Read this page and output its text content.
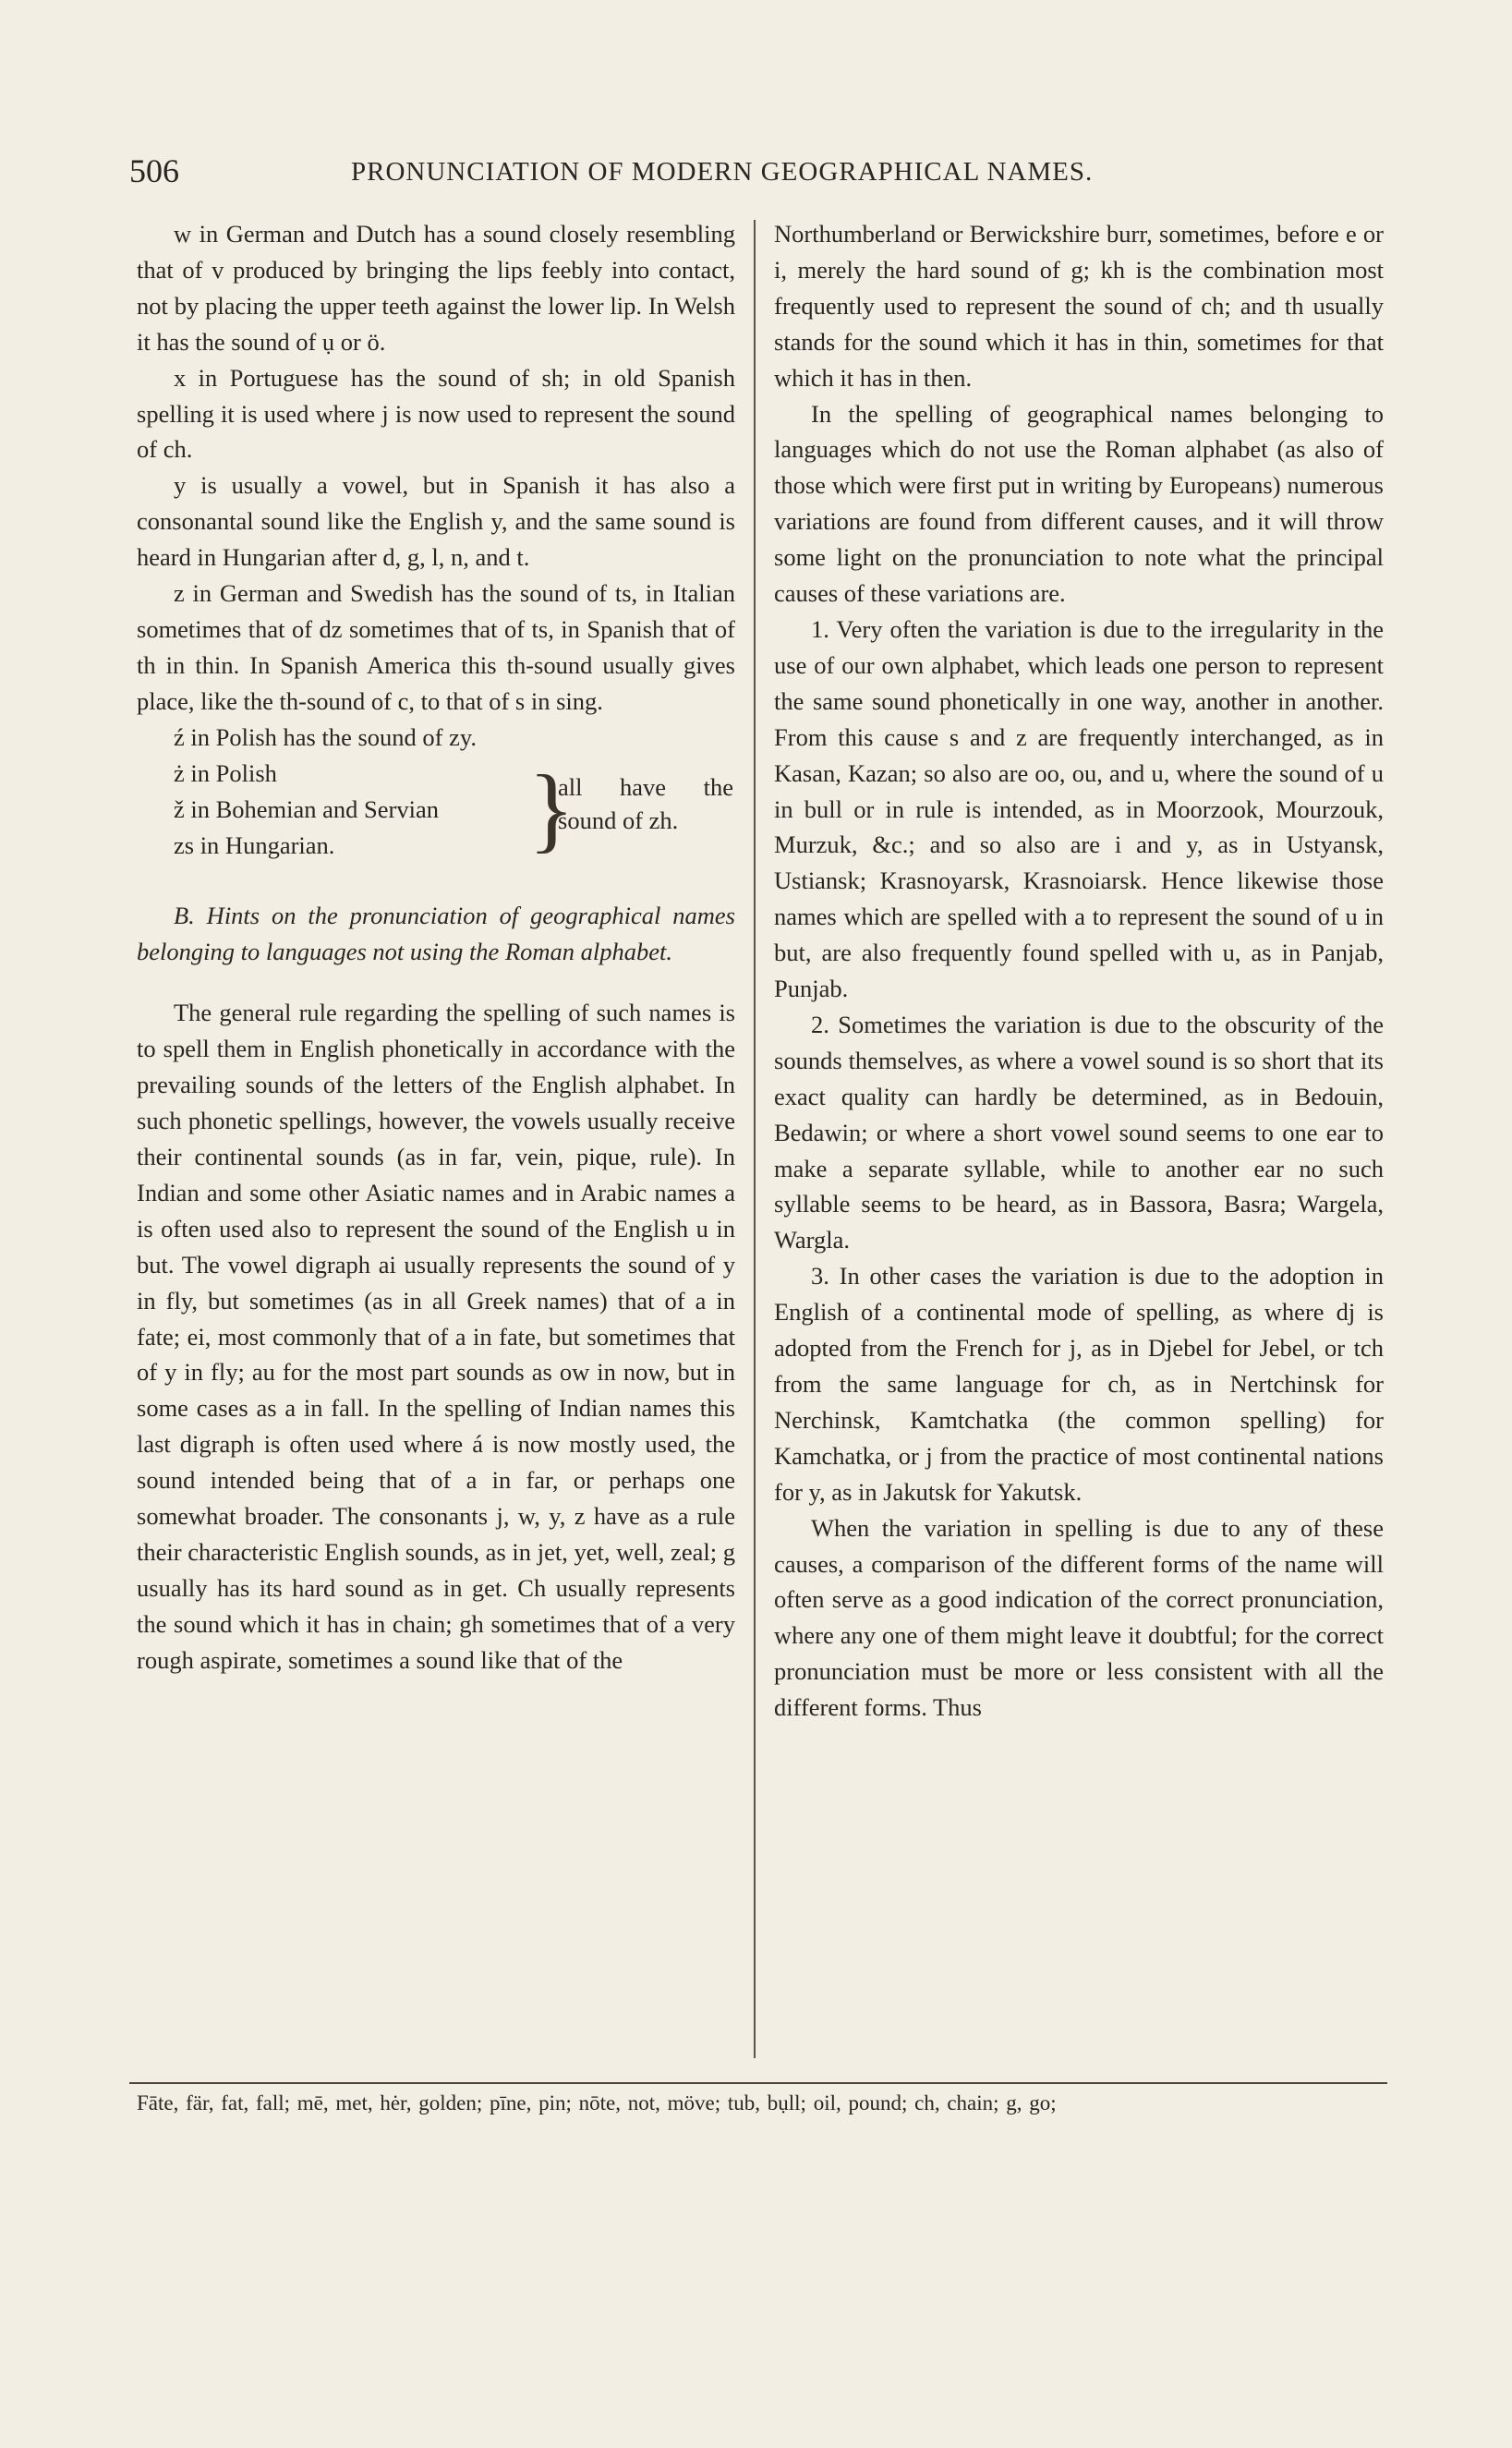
506	PRONUNCIATION OF MODERN GEOGRAPHICAL NAMES.

w in German and Dutch has a sound closely resembling that of v produced by bringing the lips feebly into contact, not by placing the upper teeth against the lower lip. In Welsh it has the sound of ụ or ö.

x in Portuguese has the sound of sh; in old Spanish spelling it is used where j is now used to represent the sound of ch.

y is usually a vowel, but in Spanish it has also a consonantal sound like the English y, and the same sound is heard in Hungarian after d, g, l, n, and t.

z in German and Swedish has the sound of ts, in Italian sometimes that of dz sometimes that of ts, in Spanish that of th in thin. In Spanish America this th-sound usually gives place, like the th-sound of c, to that of s in sing.

ź in Polish has the sound of zy.

ż in Polish
ž in Bohemian and Servian
zs in Hungarian. }
all have the sound of zh.

B. Hints on the pronunciation of geographical names belonging to languages not using the Roman alphabet.

The general rule regarding the spelling of such names is to spell them in English phonetically in accordance with the prevailing sounds of the letters of the English alphabet. In such phonetic spellings, however, the vowels usually receive their continental sounds (as in far, vein, pique, rule). In Indian and some other Asiatic names and in Arabic names a is often used also to represent the sound of the English u in but. The vowel digraph ai usually represents the sound of y in fly, but sometimes (as in all Greek names) that of a in fate; ei, most commonly that of a in fate, but sometimes that of y in fly; au for the most part sounds as ow in now, but in some cases as a in fall. In the spelling of Indian names this last digraph is often used where á is now mostly used, the sound intended being that of a in far, or perhaps one somewhat broader. The consonants j, w, y, z have as a rule their characteristic English sounds, as in jet, yet, well, zeal; g usually has its hard sound as in get. Ch usually represents the sound which it has in chain; gh sometimes that of a very rough aspirate, sometimes a sound like that of the

Northumberland or Berwickshire burr, sometimes, before e or i, merely the hard sound of g; kh is the combination most frequently used to represent the sound of ch; and th usually stands for the sound which it has in thin, sometimes for that which it has in then.

In the spelling of geographical names belonging to languages which do not use the Roman alphabet (as also of those which were first put in writing by Europeans) numerous variations are found from different causes, and it will throw some light on the pronunciation to note what the principal causes of these variations are.

1. Very often the variation is due to the irregularity in the use of our own alphabet, which leads one person to represent the same sound phonetically in one way, another in another. From this cause s and z are frequently interchanged, as in Kasan, Kazan; so also are oo, ou, and u, where the sound of u in bull or in rule is intended, as in Moorzook, Mourzouk, Murzuk, &c.; and so also are i and y, as in Ustyansk, Ustiansk; Krasnoyarsk, Krasnoiarsk. Hence likewise those names which are spelled with a to represent the sound of u in but, are also frequently found spelled with u, as in Panjab, Punjab.

2. Sometimes the variation is due to the obscurity of the sounds themselves, as where a vowel sound is so short that its exact quality can hardly be determined, as in Bedouin, Bedawin; or where a short vowel sound seems to one ear to make a separate syllable, while to another ear no such syllable seems to be heard, as in Bassora, Basra; Wargela, Wargla.

3. In other cases the variation is due to the adoption in English of a continental mode of spelling, as where dj is adopted from the French for j, as in Djebel for Jebel, or tch from the same language for ch, as in Nertchinsk for Nerchinsk, Kamtchatka (the common spelling) for Kamchatka, or j from the practice of most continental nations for y, as in Jakutsk for Yakutsk.

When the variation in spelling is due to any of these causes, a comparison of the different forms of the name will often serve as a good indication of the correct pronunciation, where any one of them might leave it doubtful; for the correct pronunciation must be more or less consistent with all the different forms. Thus

Fāte, fär, fat, fall; mē, met, hėr, golden; pīne, pin; nōte, not, möve; tub, bụll; oil, pound; ch, chain; g, go;
